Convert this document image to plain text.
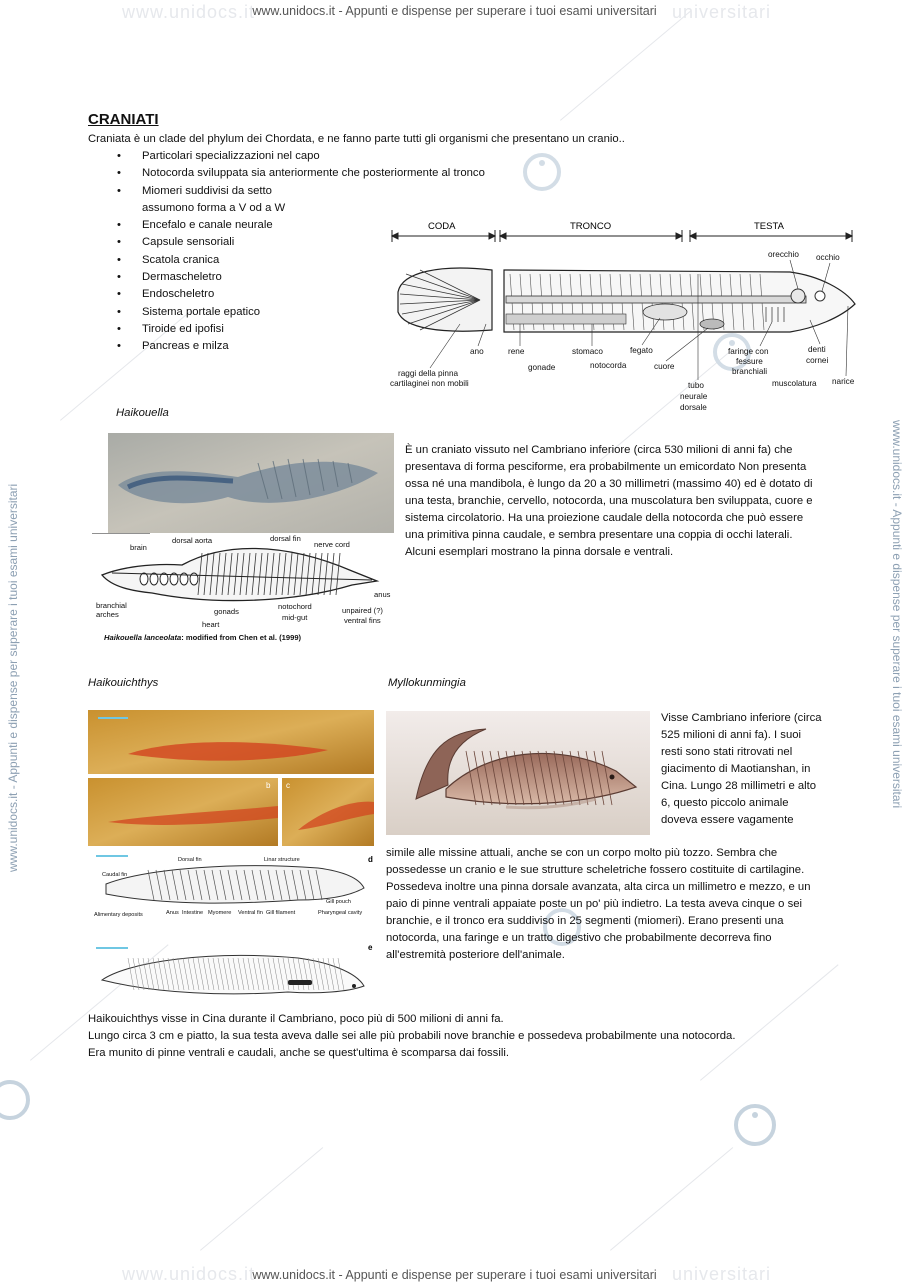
www.unidocs.it	universitari
www.unidocs.it - Appunti e dispense per superare i tuoi esami universitari
www.unidocs.it	universitari
www.unidocs.it - Appunti e dispense per superare i tuoi esami universitari
www.unidocs.it - Appunti e dispense per superare i tuoi esami universitari	www.unidocs.it - Appunti e dispense per superare i tuoi esami universitari
CRANIATI
Craniata è un clade del phylum dei Chordata, e ne fanno parte tutti gli organismi che presentano un cranio..
• Particolari specializzazioni nel capo
• Notocorda sviluppata sia anteriormente che posteriormente al tronco
• Miomeri suddivisi da setto
assumono forma a V od a W
• Encefalo e canale neurale
• Capsule sensoriali
• Scatola cranica
• Dermascheletro
• Endoscheletro
• Sistema portale epatico
• Tiroide ed ipofisi
• Pancreas e milza
CODA	TRONCO	TESTA
orecchio occhio
raggi della pinna
cartilaginei non mobili
ano	rene
gonade
stomaco
notocorda
fegato
cuore
tubo
neurale
dorsale
faringe con
fessure
branchiali
muscolatura
denti
cornei
narice
Haikouella
brain
dorsal aorta	dorsal fin
nerve cord
anus
branchial
arches	gonads
heart
notochord
mid-gut
unpaired (?)
ventral fins
Haikouella lanceolata: modified from Chen et al. (1999)
È un craniato vissuto nel Cambriano inferiore (circa 530 milioni di anni fa) che presentava di forma pesciforme, era probabilmente un emicordato Non presenta ossa né una mandibola, è lungo da 20 a 30 millimetri (massimo 40) ed è dotato di una testa, branchie, cervello, notocorda, una muscolatura ben sviluppata, cuore e sistema circolatorio. Ha una proiezione caudale della notocorda che può essere una primitiva pinna caudale, e sembra presentare una coppia di occhi laterali. Alcuni esemplari mostrano la pinna dorsale e ventrali.
Haikouichthys	Myllokunmingia
b c
Dorsal fin	Linar structure
Caudal fin
Gill pouch
Pharyngeal cavity
Alimentary deposits	Anus Intestine Myomere Ventral fin Gill filament
d
e
Visse Cambriano inferiore (circa 525 milioni di anni fa). I suoi resti sono stati ritrovati nel giacimento di Maotianshan, in Cina. Lungo 28 millimetri e alto 6, questo piccolo animale doveva essere vagamente
simile alle missine attuali, anche se con un corpo molto più tozzo. Sembra che possedesse un cranio e le sue strutture scheletriche fossero costituite di cartilagine. Possedeva inoltre una pinna dorsale avanzata, alta circa un millimetro e mezzo, e un paio di pinne ventrali appaiate poste un po' più indietro. La testa aveva cinque o sei branchie, e il tronco era suddiviso in 25 segmenti (miomeri). Erano presenti una notocorda, una faringe e un tratto digestivo che probabilmente decorreva fino all'estremità posteriore dell'animale.
Haikouichthys visse in Cina durante il Cambriano, poco più di 500 milioni di anni fa.
Lungo circa 3 cm e piatto, la sua testa aveva dalle sei alle più probabili nove branchie e possedeva probabilmente una notocorda.
Era munito di pinne ventrali e caudali, anche se quest'ultima è scomparsa dai fossili.
